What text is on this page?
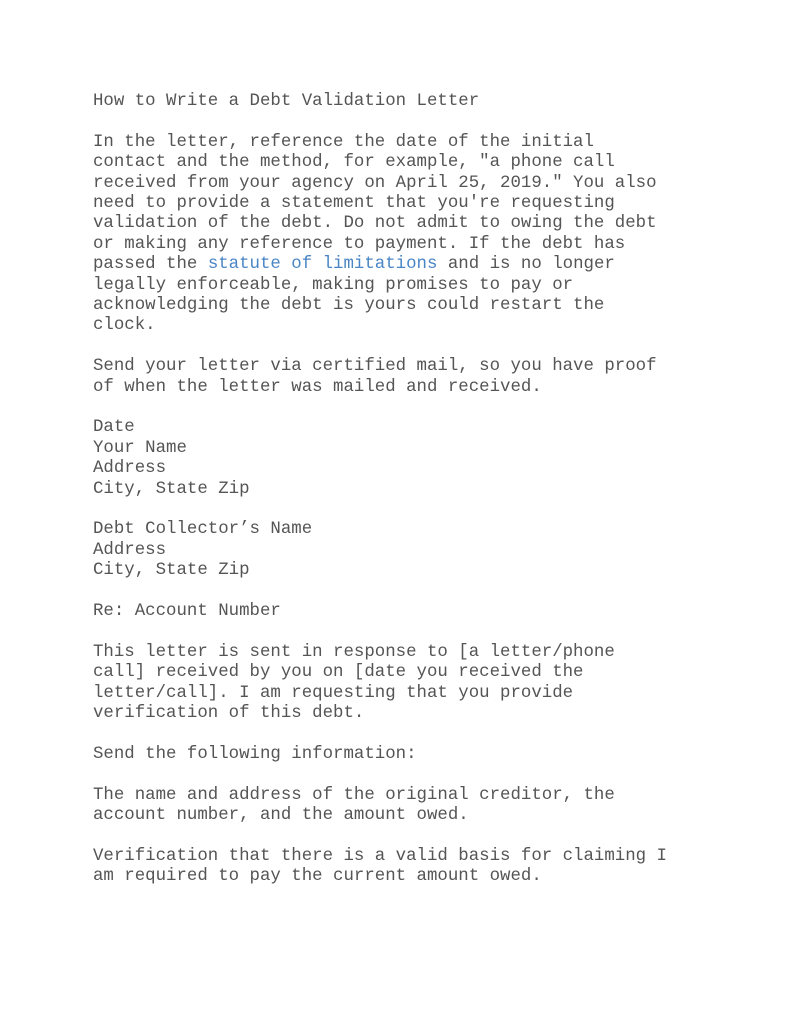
How to Write a Debt Validation Letter
In the letter, reference the date of the initial
contact and the method, for example, "a phone call
received from your agency on April 25, 2019." You also
need to provide a statement that you're requesting
validation of the debt. Do not admit to owing the debt
or making any reference to payment. If the debt has
passed the statute of limitations and is no longer
legally enforceable, making promises to pay or
acknowledging the debt is yours could restart the
clock.
Send your letter via certified mail, so you have proof
of when the letter was mailed and received.
Date
Your Name
Address
City, State Zip
Debt Collector’s Name
Address
City, State Zip
Re: Account Number
This letter is sent in response to [a letter/phone
call] received by you on [date you received the
letter/call]. I am requesting that you provide
verification of this debt.
Send the following information:
The name and address of the original creditor, the
account number, and the amount owed.
Verification that there is a valid basis for claiming I
am required to pay the current amount owed.
